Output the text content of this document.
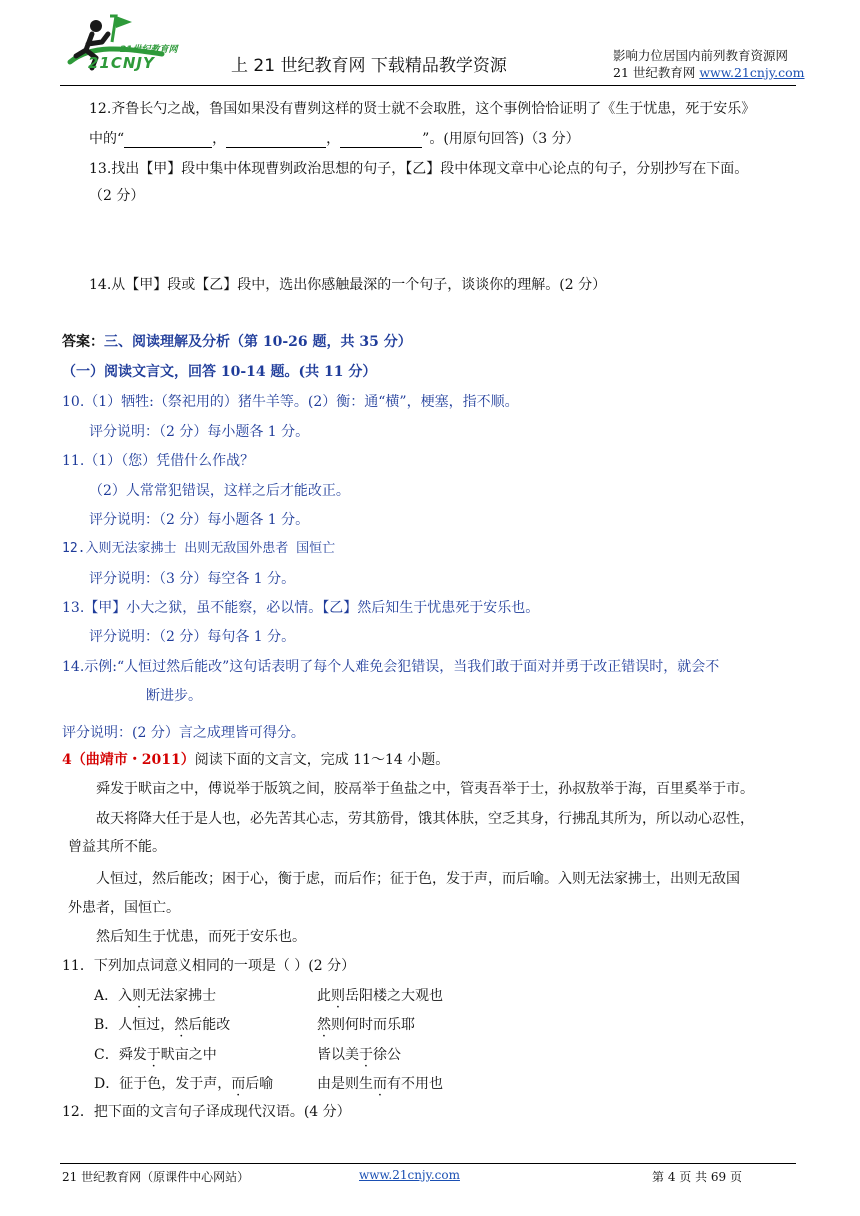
21世纪教育网
21CNJY	上 21 世纪教育网 下载精品教学资源
影响力位居国内前列教育资源网
21 世纪教育网 www.21cnjy.com
12.齐鲁长勺之战，鲁国如果没有曹刿这样的贤士就不会取胜，这个事例恰恰证明了《生于忧患，死于安乐》
中的“	，	，	”。(用原句回答)（3 分）
13.找出【甲】段中集中体现曹刿政治思想的句子，【乙】段中体现文章中心论点的句子，分别抄写在下面。
（2 分）
14.从【甲】段或【乙】段中，选出你感触最深的一个句子，谈谈你的理解。(2 分）
答案：三、阅读理解及分析（第 10-26 题，共 35 分）
（一）阅读文言文，回答 10-14 题。(共 11 分）
10.（1）牺牲:（祭祀用的）猪牛羊等。(2）衡：通“横”，梗塞，指不顺。
评分说明：（2 分）每小题各 1 分。
11.（1）（您）凭借什么作战？
（2）人常常犯错误，这样之后才能改正。
评分说明：（2 分）每小题各 1 分。
12.入则无法家拂士 出则无敌国外患者 国恒亡
评分说明：（3 分）每空各 1 分。
13.【甲】小大之狱，虽不能察，必以情。【乙】然后知生于忧患死于安乐也。
评分说明：（2 分）每句各 1 分。
14.示例:“人恒过然后能改”这句话表明了每个人难免会犯错误，当我们敢于面对并勇于改正错误时，就会不
断进步。
评分说明：(2 分）言之成理皆可得分。
4（曲靖市・2011）阅读下面的文言文，完成 11～14 小题。
舜发于畎亩之中，傅说举于版筑之间，胶鬲举于鱼盐之中，管夷吾举于士，孙叔敖举于海，百里奚举于市。
故天将降大任于是人也，必先苦其心志，劳其筋骨，饿其体肤，空乏其身，行拂乱其所为，所以动心忍性，
曾益其所不能。
人恒过，然后能改；困于心，衡于虑，而后作；征于色，发于声，而后喻。入则无法家拂士，出则无敌国
外患者，国恒亡。
然后知生于忧患，而死于安乐也。
11．下列加点词意义相同的一项是（ ）(2 分）
A．入则无法家拂士	此则岳阳楼之大观也
B．人恒过，然后能改	然则何时而乐耶
C．舜发于畎亩之中	皆以美于徐公
D．征于色，发于声，而后喻	由是则生而有不用也
12．把下面的文言句子译成现代汉语。(4 分）
21 世纪教育网（原课件中心网站）	www.21cnjy.com	第 4 页 共 69 页
